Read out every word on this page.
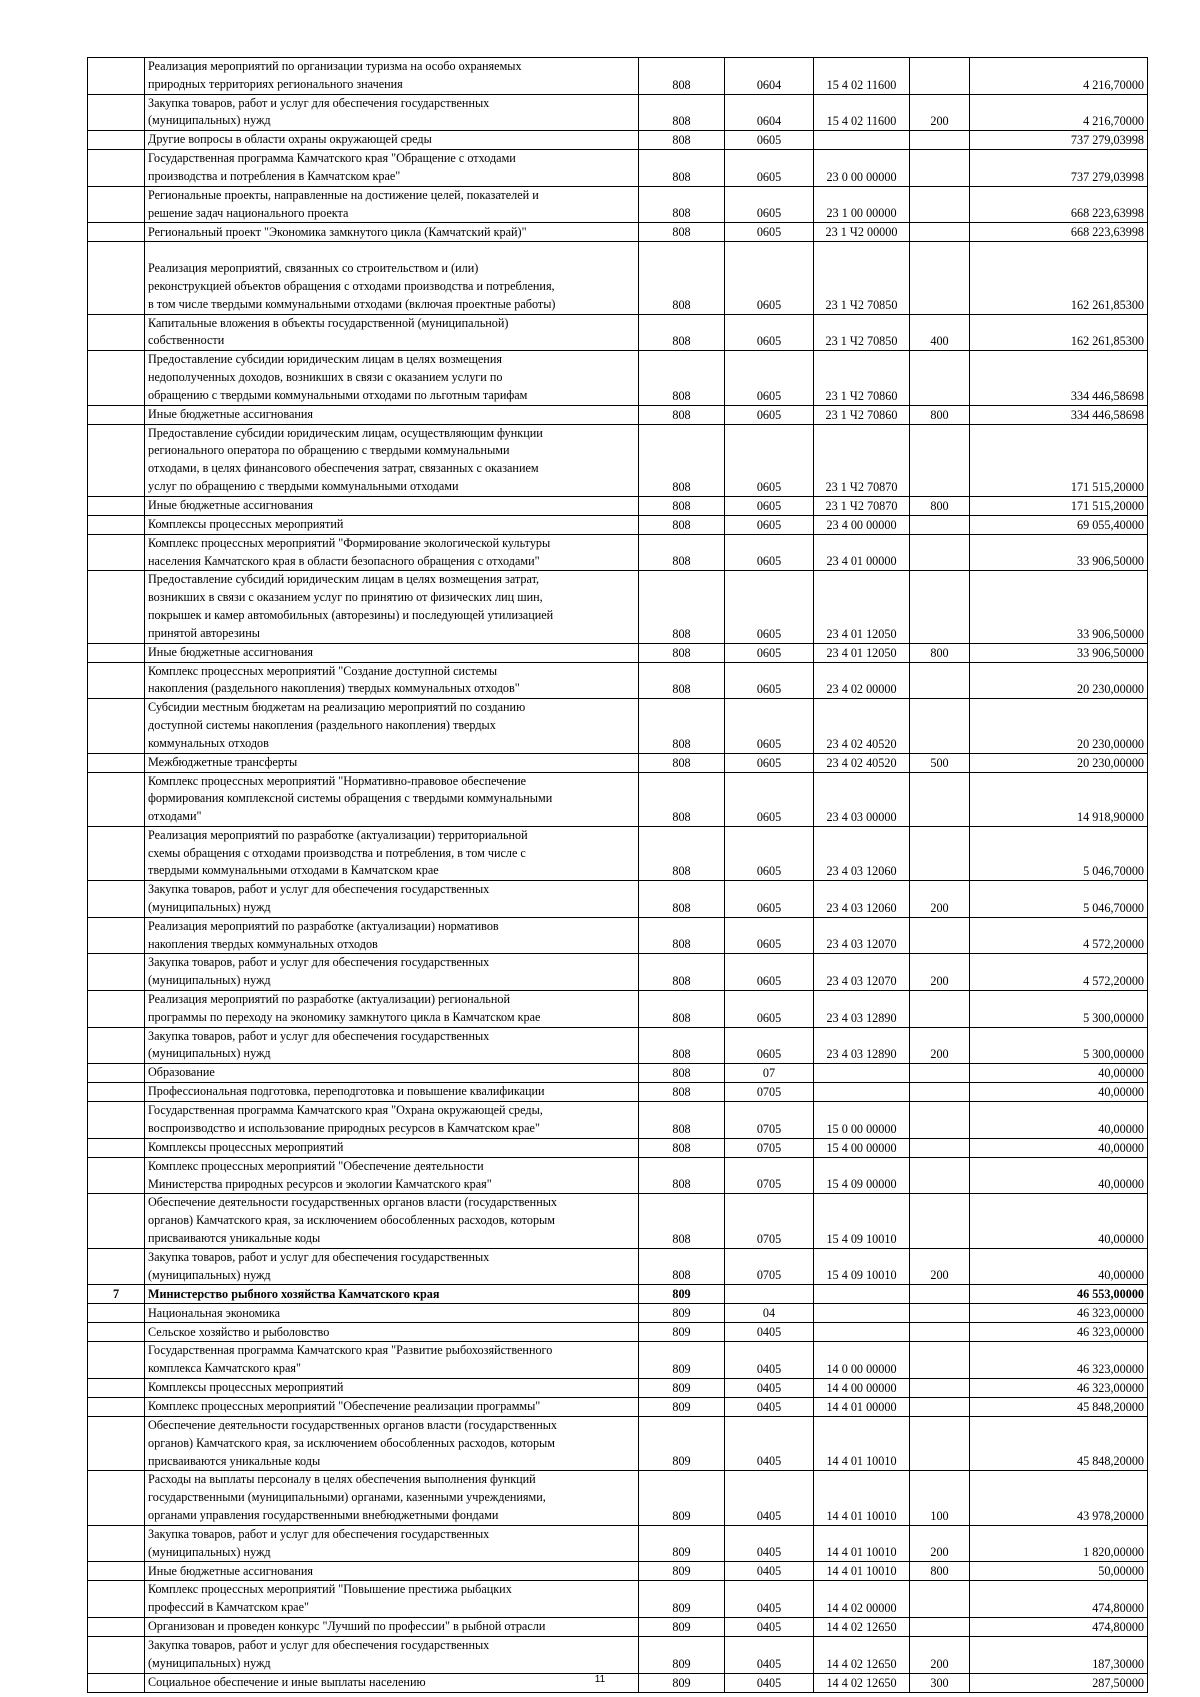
	Реализация мероприятий по организации туризма на особо охраняемых
природных территориях регионального значения	808	0604	15 4 02 11600		4 216,70000
	Закупка товаров, работ и услуг для обеспечения государственных
(муниципальных) нужд	808	0604	15 4 02 11600	200	4 216,70000
	Другие вопросы в области охраны окружающей среды	808	0605			737 279,03998
	Государственная программа Камчатского края "Обращение с отходами
производства и потребления в Камчатском крае"	808	0605	23 0 00 00000		737 279,03998
	Региональные проекты, направленные на достижение целей, показателей и
решение задач национального проекта	808	0605	23 1 00 00000		668 223,63998
	Региональный проект "Экономика замкнутого цикла (Камчатский край)"	808	0605	23 1 Ч2 00000		668 223,63998

Реализация мероприятий, связанных со строительством и (или)
реконструкцией объектов обращения с отходами производства и потребления,
в том числе твердыми коммунальными отходами (включая проектные работы)	808	0605	23 1 Ч2 70850		162 261,85300
	Капитальные вложения в объекты государственной (муниципальной)
собственности	808	0605	23 1 Ч2 70850	400	162 261,85300
	Предоставление субсидии юридическим лицам в целях возмещения
недополученных доходов, возникших в связи с оказанием услуги по
обращению с твердыми коммунальными отходами по льготным тарифам	808	0605	23 1 Ч2 70860		334 446,58698
	Иные бюджетные ассигнования	808	0605	23 1 Ч2 70860	800	334 446,58698
	Предоставление субсидии юридическим лицам, осуществляющим функции
регионального оператора по обращению с твердыми коммунальными
отходами, в целях финансового обеспечения затрат, связанных с оказанием
услуг по обращению с твердыми коммунальными отходами	808	0605	23 1 Ч2 70870		171 515,20000
	Иные бюджетные ассигнования	808	0605	23 1 Ч2 70870	800	171 515,20000
	Комплексы процессных мероприятий	808	0605	23 4 00 00000		69 055,40000
	Комплекс процессных мероприятий "Формирование экологической культуры
населения Камчатского края в области безопасного обращения с отходами"	808	0605	23 4 01 00000		33 906,50000
	Предоставление субсидий юридическим лицам в целях возмещения затрат,
возникших в связи с оказанием услуг по принятию от физических лиц шин,
покрышек и камер автомобильных (авторезины) и последующей утилизацией
принятой авторезины	808	0605	23 4 01 12050		33 906,50000
	Иные бюджетные ассигнования	808	0605	23 4 01 12050	800	33 906,50000
	Комплекс процессных мероприятий "Создание доступной системы
накопления (раздельного накопления) твердых коммунальных отходов"	808	0605	23 4 02 00000		20 230,00000
	Субсидии местным бюджетам на реализацию мероприятий по созданию
доступной системы накопления (раздельного накопления) твердых
коммунальных отходов	808	0605	23 4 02 40520		20 230,00000
	Межбюджетные трансферты	808	0605	23 4 02 40520	500	20 230,00000
	Комплекс процессных мероприятий "Нормативно-правовое обеспечение
формирования комплексной системы обращения с твердыми коммунальными
отходами"	808	0605	23 4 03 00000		14 918,90000
	Реализация мероприятий по разработке (актуализации) территориальной
схемы обращения с отходами производства и потребления, в том числе с
твердыми коммунальными отходами в Камчатском крае	808	0605	23 4 03 12060		5 046,70000
	Закупка товаров, работ и услуг для обеспечения государственных
(муниципальных) нужд	808	0605	23 4 03 12060	200	5 046,70000
	Реализация мероприятий по разработке (актуализации) нормативов
накопления твердых коммунальных отходов	808	0605	23 4 03 12070		4 572,20000
	Закупка товаров, работ и услуг для обеспечения государственных
(муниципальных) нужд	808	0605	23 4 03 12070	200	4 572,20000
	Реализация мероприятий по разработке (актуализации) региональной
программы по переходу на экономику замкнутого цикла в Камчатском крае	808	0605	23 4 03 12890		5 300,00000
	Закупка товаров, работ и услуг для обеспечения государственных
(муниципальных) нужд	808	0605	23 4 03 12890	200	5 300,00000
	Образование	808	07			40,00000
	Профессиональная подготовка, переподготовка и повышение квалификации	808	0705			40,00000
	Государственная программа Камчатского края "Охрана окружающей среды,
воспроизводство и использование природных ресурсов в Камчатском крае"	808	0705	15 0 00 00000		40,00000
	Комплексы процессных мероприятий	808	0705	15 4 00 00000		40,00000
	Комплекс процессных мероприятий "Обеспечение деятельности
Министерства природных ресурсов и экологии Камчатского края"	808	0705	15 4 09 00000		40,00000
	Обеспечение деятельности государственных органов власти (государственных
органов) Камчатского края, за исключением обособленных расходов, которым
присваиваются уникальные коды	808	0705	15 4 09 10010		40,00000
	Закупка товаров, работ и услуг для обеспечения государственных
(муниципальных) нужд	808	0705	15 4 09 10010	200	40,00000
7	Министерство рыбного хозяйства Камчатского края	809				46 553,00000
	Национальная экономика	809	04			46 323,00000
	Сельское хозяйство и рыболовство	809	0405			46 323,00000
	Государственная программа Камчатского края "Развитие рыбохозяйственного
комплекса Камчатского края"	809	0405	14 0 00 00000		46 323,00000
	Комплексы процессных мероприятий	809	0405	14 4 00 00000		46 323,00000
	Комплекс процессных мероприятий "Обеспечение реализации программы"	809	0405	14 4 01 00000		45 848,20000
	Обеспечение деятельности государственных органов власти (государственных
органов) Камчатского края, за исключением обособленных расходов, которым
присваиваются уникальные коды	809	0405	14 4 01 10010		45 848,20000
	Расходы на выплаты персоналу в целях обеспечения выполнения функций
государственными (муниципальными) органами, казенными учреждениями,
органами управления государственными внебюджетными фондами	809	0405	14 4 01 10010	100	43 978,20000
	Закупка товаров, работ и услуг для обеспечения государственных
(муниципальных) нужд	809	0405	14 4 01 10010	200	1 820,00000
	Иные бюджетные ассигнования	809	0405	14 4 01 10010	800	50,00000
	Комплекс процессных мероприятий "Повышение престижа рыбацких
профессий в Камчатском крае"	809	0405	14 4 02 00000		474,80000
	Организован и проведен конкурс "Лучший по профессии" в рыбной отрасли	809	0405	14 4 02 12650		474,80000
	Закупка товаров, работ и услуг для обеспечения государственных
(муниципальных) нужд	809	0405	14 4 02 12650	200	187,30000
	Социальное обеспечение и иные выплаты населению	809	0405	14 4 02 12650	300	287,50000
11
